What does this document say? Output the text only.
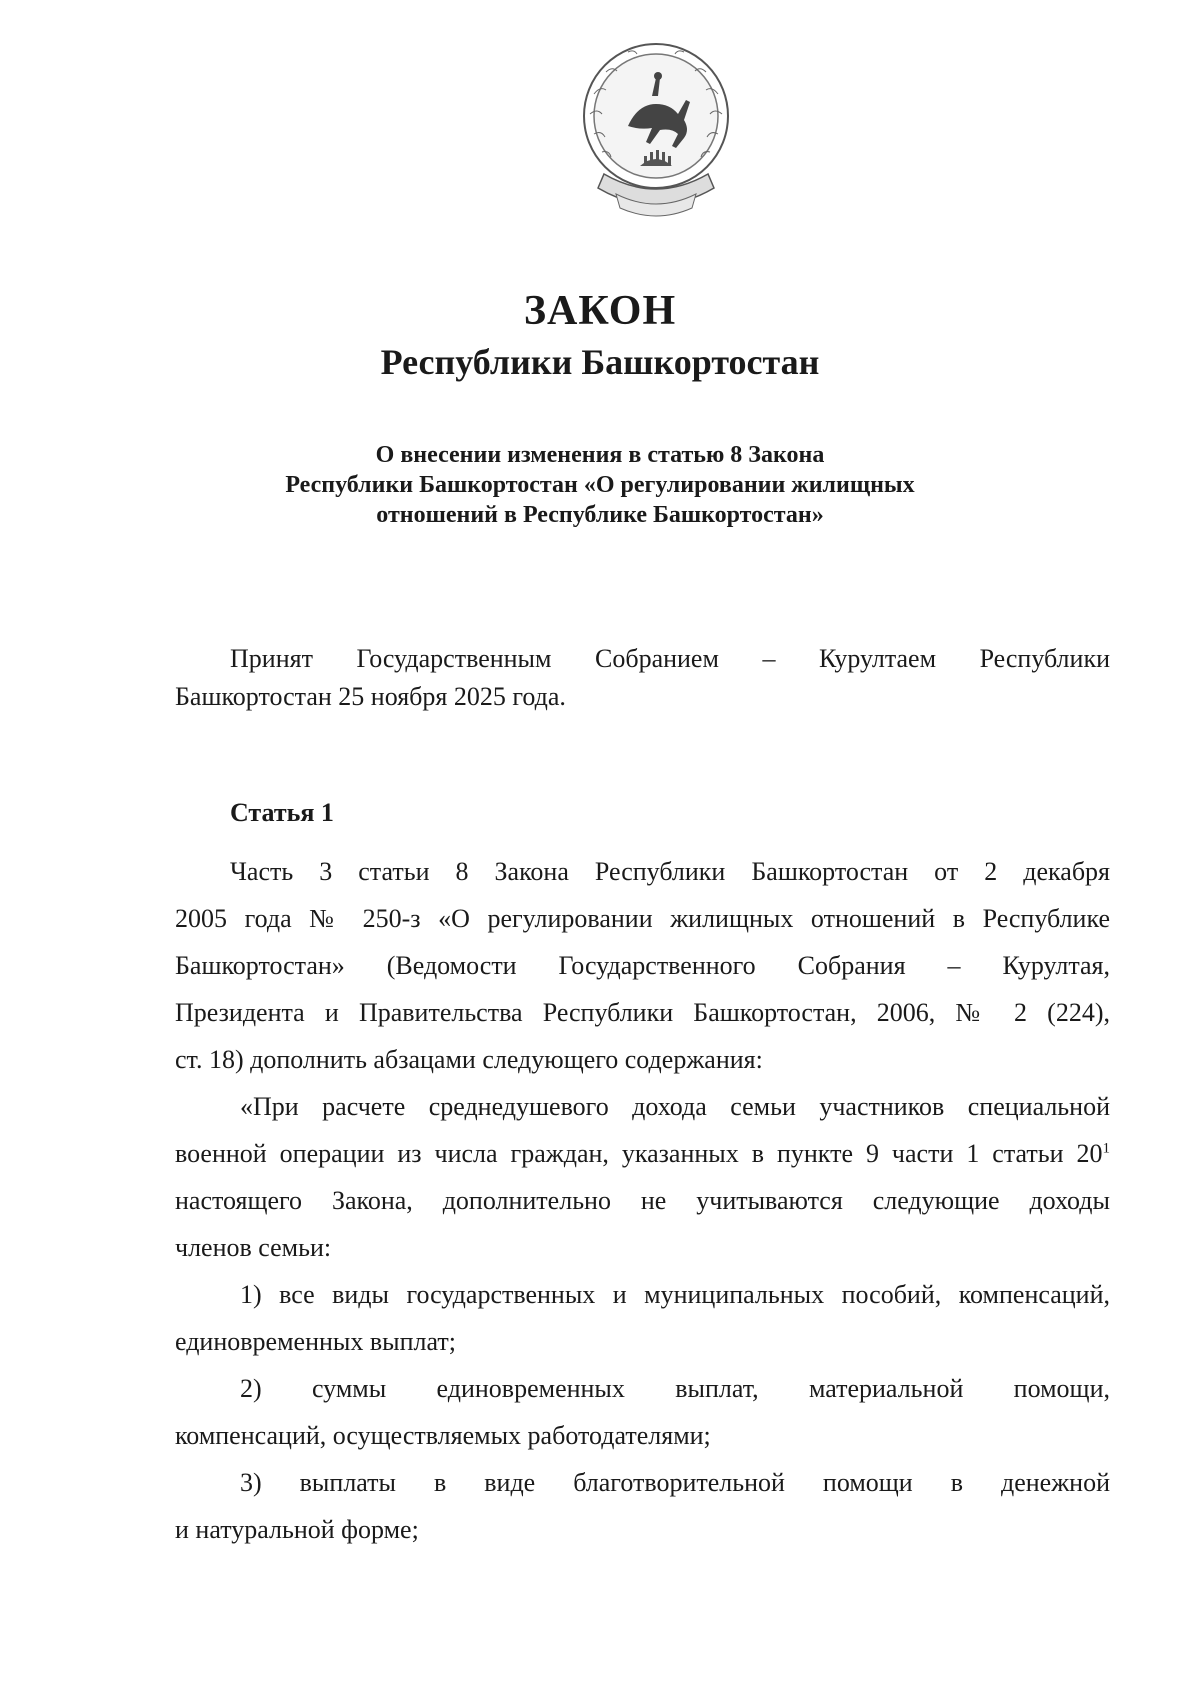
ЗАКОН
Республики Башкортостан
О внесении изменения в статью 8 Закона
Республики Башкортостан «О регулировании жилищных
отношений в Республике Башкортостан»
Принят Государственным Собранием – Курултаем Республики
Башкортостан 25 ноября 2025 года.
Статья 1
Часть 3 статьи 8 Закона Республики Башкортостан от 2 декабря
2005 года № 250-з «О регулировании жилищных отношений в Республике
Башкортостан» (Ведомости Государственного Собрания – Курултая,
Президента и Правительства Республики Башкортостан, 2006, № 2 (224),
ст. 18) дополнить абзацами следующего содержания:
«При расчете среднедушевого дохода семьи участников специальной
военной операции из числа граждан, указанных в пункте 9 части 1 статьи $20^1$
настоящего Закона, дополнительно не учитываются следующие доходы
членов семьи:
1) все виды государственных и муниципальных пособий, компенсаций,
единовременных выплат;
2) суммы единовременных выплат, материальной помощи,
компенсаций, осуществляемых работодателями;
3) выплаты в виде благотворительной помощи в денежной
и натуральной форме;
